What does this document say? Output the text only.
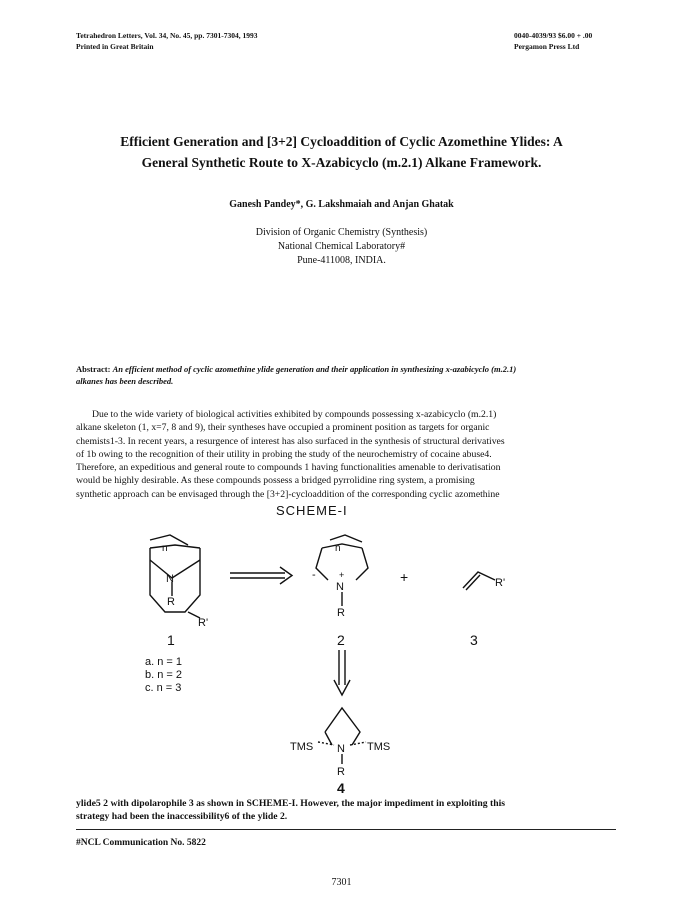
Tetrahedron Letters, Vol. 34, No. 45, pp. 7301-7304, 1993
Printed in Great Britain
0040-4039/93 $6.00 + .00
Pergamon Press Ltd
Efficient Generation and [3+2] Cycloaddition of Cyclic Azomethine Ylides: A
General Synthetic Route to X-Azabicyclo (m.2.1) Alkane Framework.
Ganesh Pandey*, G. Lakshmaiah and Anjan Ghatak
Division of Organic Chemistry (Synthesis)
National Chemical Laboratory#
Pune-411008, INDIA.
Abstract: An efficient method of cyclic azomethine ylide generation and their application in synthesizing x-azabicyclo (m.2.1)
alkanes has been described.
Due to the wide variety of biological activities exhibited by compounds possessing x-azabicyclo (m.2.1)
alkane skeleton (1, x=7, 8 and 9), their syntheses have occupied a prominent position as targets for organic
chemists1-3. In recent years, a resurgence of interest has also surfaced in the synthesis of structural derivatives
of 1b owing to the recognition of their utility in probing the study of the neurochemistry of cocaine abuse4.
Therefore, an expeditious and general route to compounds 1 having functionalities amenable to derivatisation
would be highly desirable. As these compounds possess a bridged pyrrolidine ring system, a promising
synthetic approach can be envisaged through the [3+2]-cycloaddition of the corresponding cyclic azomethine
SCHEME-I
n
N
R
R'
1
a. n = 1
b. n = 2
c. n = 3
n
N
+
-
R
2
+	R'
3
TMS	TMS
N
R
4
ylide5 2 with dipolarophile 3 as shown in SCHEME-I. However, the major impediment in exploiting this
strategy had been the inaccessibility6 of the ylide 2.
#NCL Communication No. 5822
7301
